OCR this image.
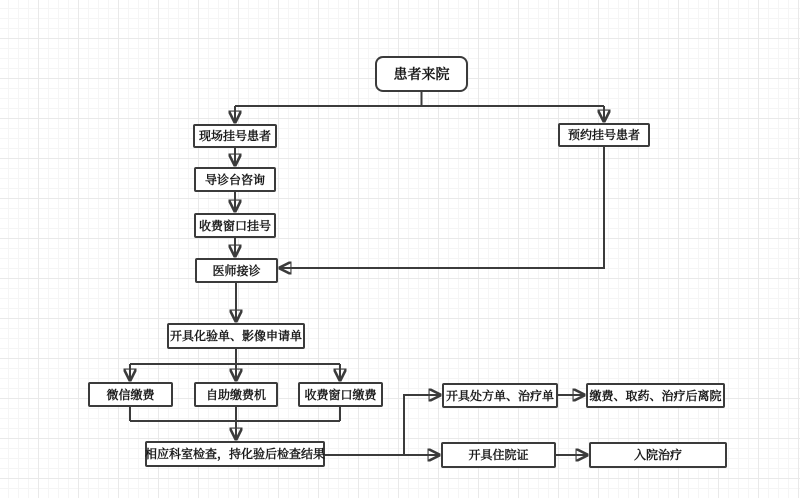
患者来院
现场挂号患者	预约挂号患者
导诊台咨询
收费窗口挂号
医师接诊
开具化验单、影像申请单
微信缴费	自助缴费机	收费窗口缴费
相应科室检查，持化验后检查结果
开具处方单、治疗单	缴费、取药、治疗后离院
开具住院证	入院治疗
